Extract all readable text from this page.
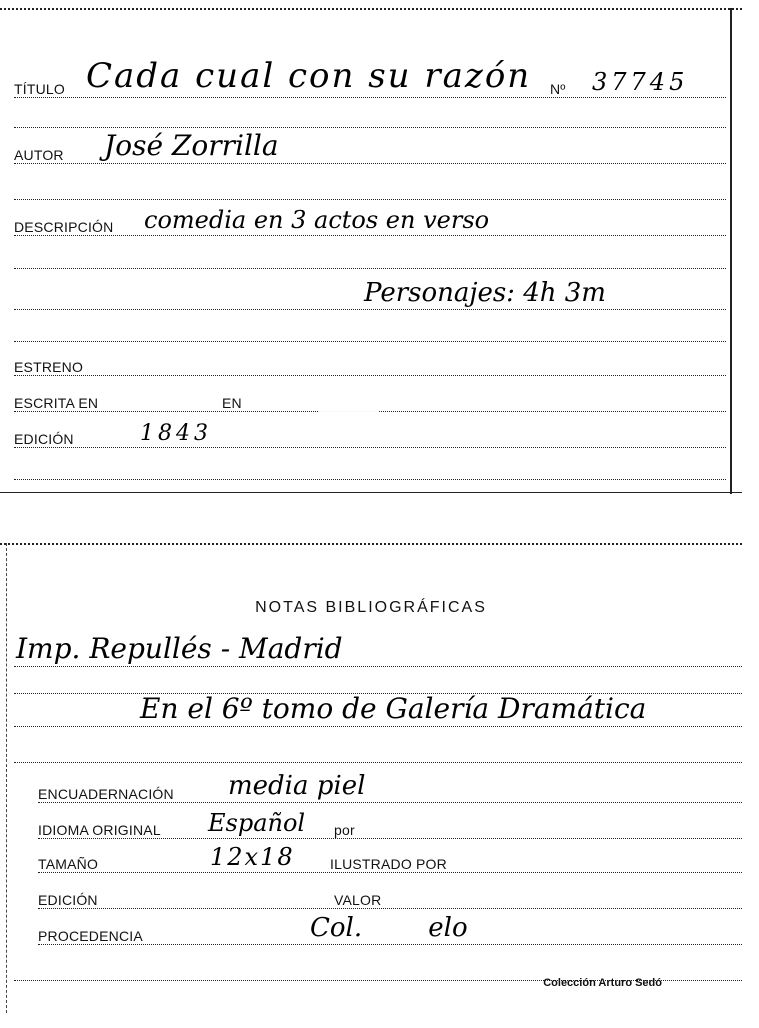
TÍTULO Cada cual con su razón Nº 37745
AUTOR José Zorrilla
DESCRIPCIÓN comedia en 3 actos en verso
Personajes: 4h 3m
ESTRENO
ESCRITA EN	EN
EDICIÓN	1843
NOTAS BIBLIOGRÁFICAS
Imp. Repullés - Madrid
En el 6º tomo de Galería Dramática
ENCUADERNACIÓN media piel
IDIOMA ORIGINAL Español por
TAMAÑO	12x18	ILUSTRADO POR
EDICIÓN	VALOR
PROCEDENCIA	Col.        elo
Colección Arturo Sedó
